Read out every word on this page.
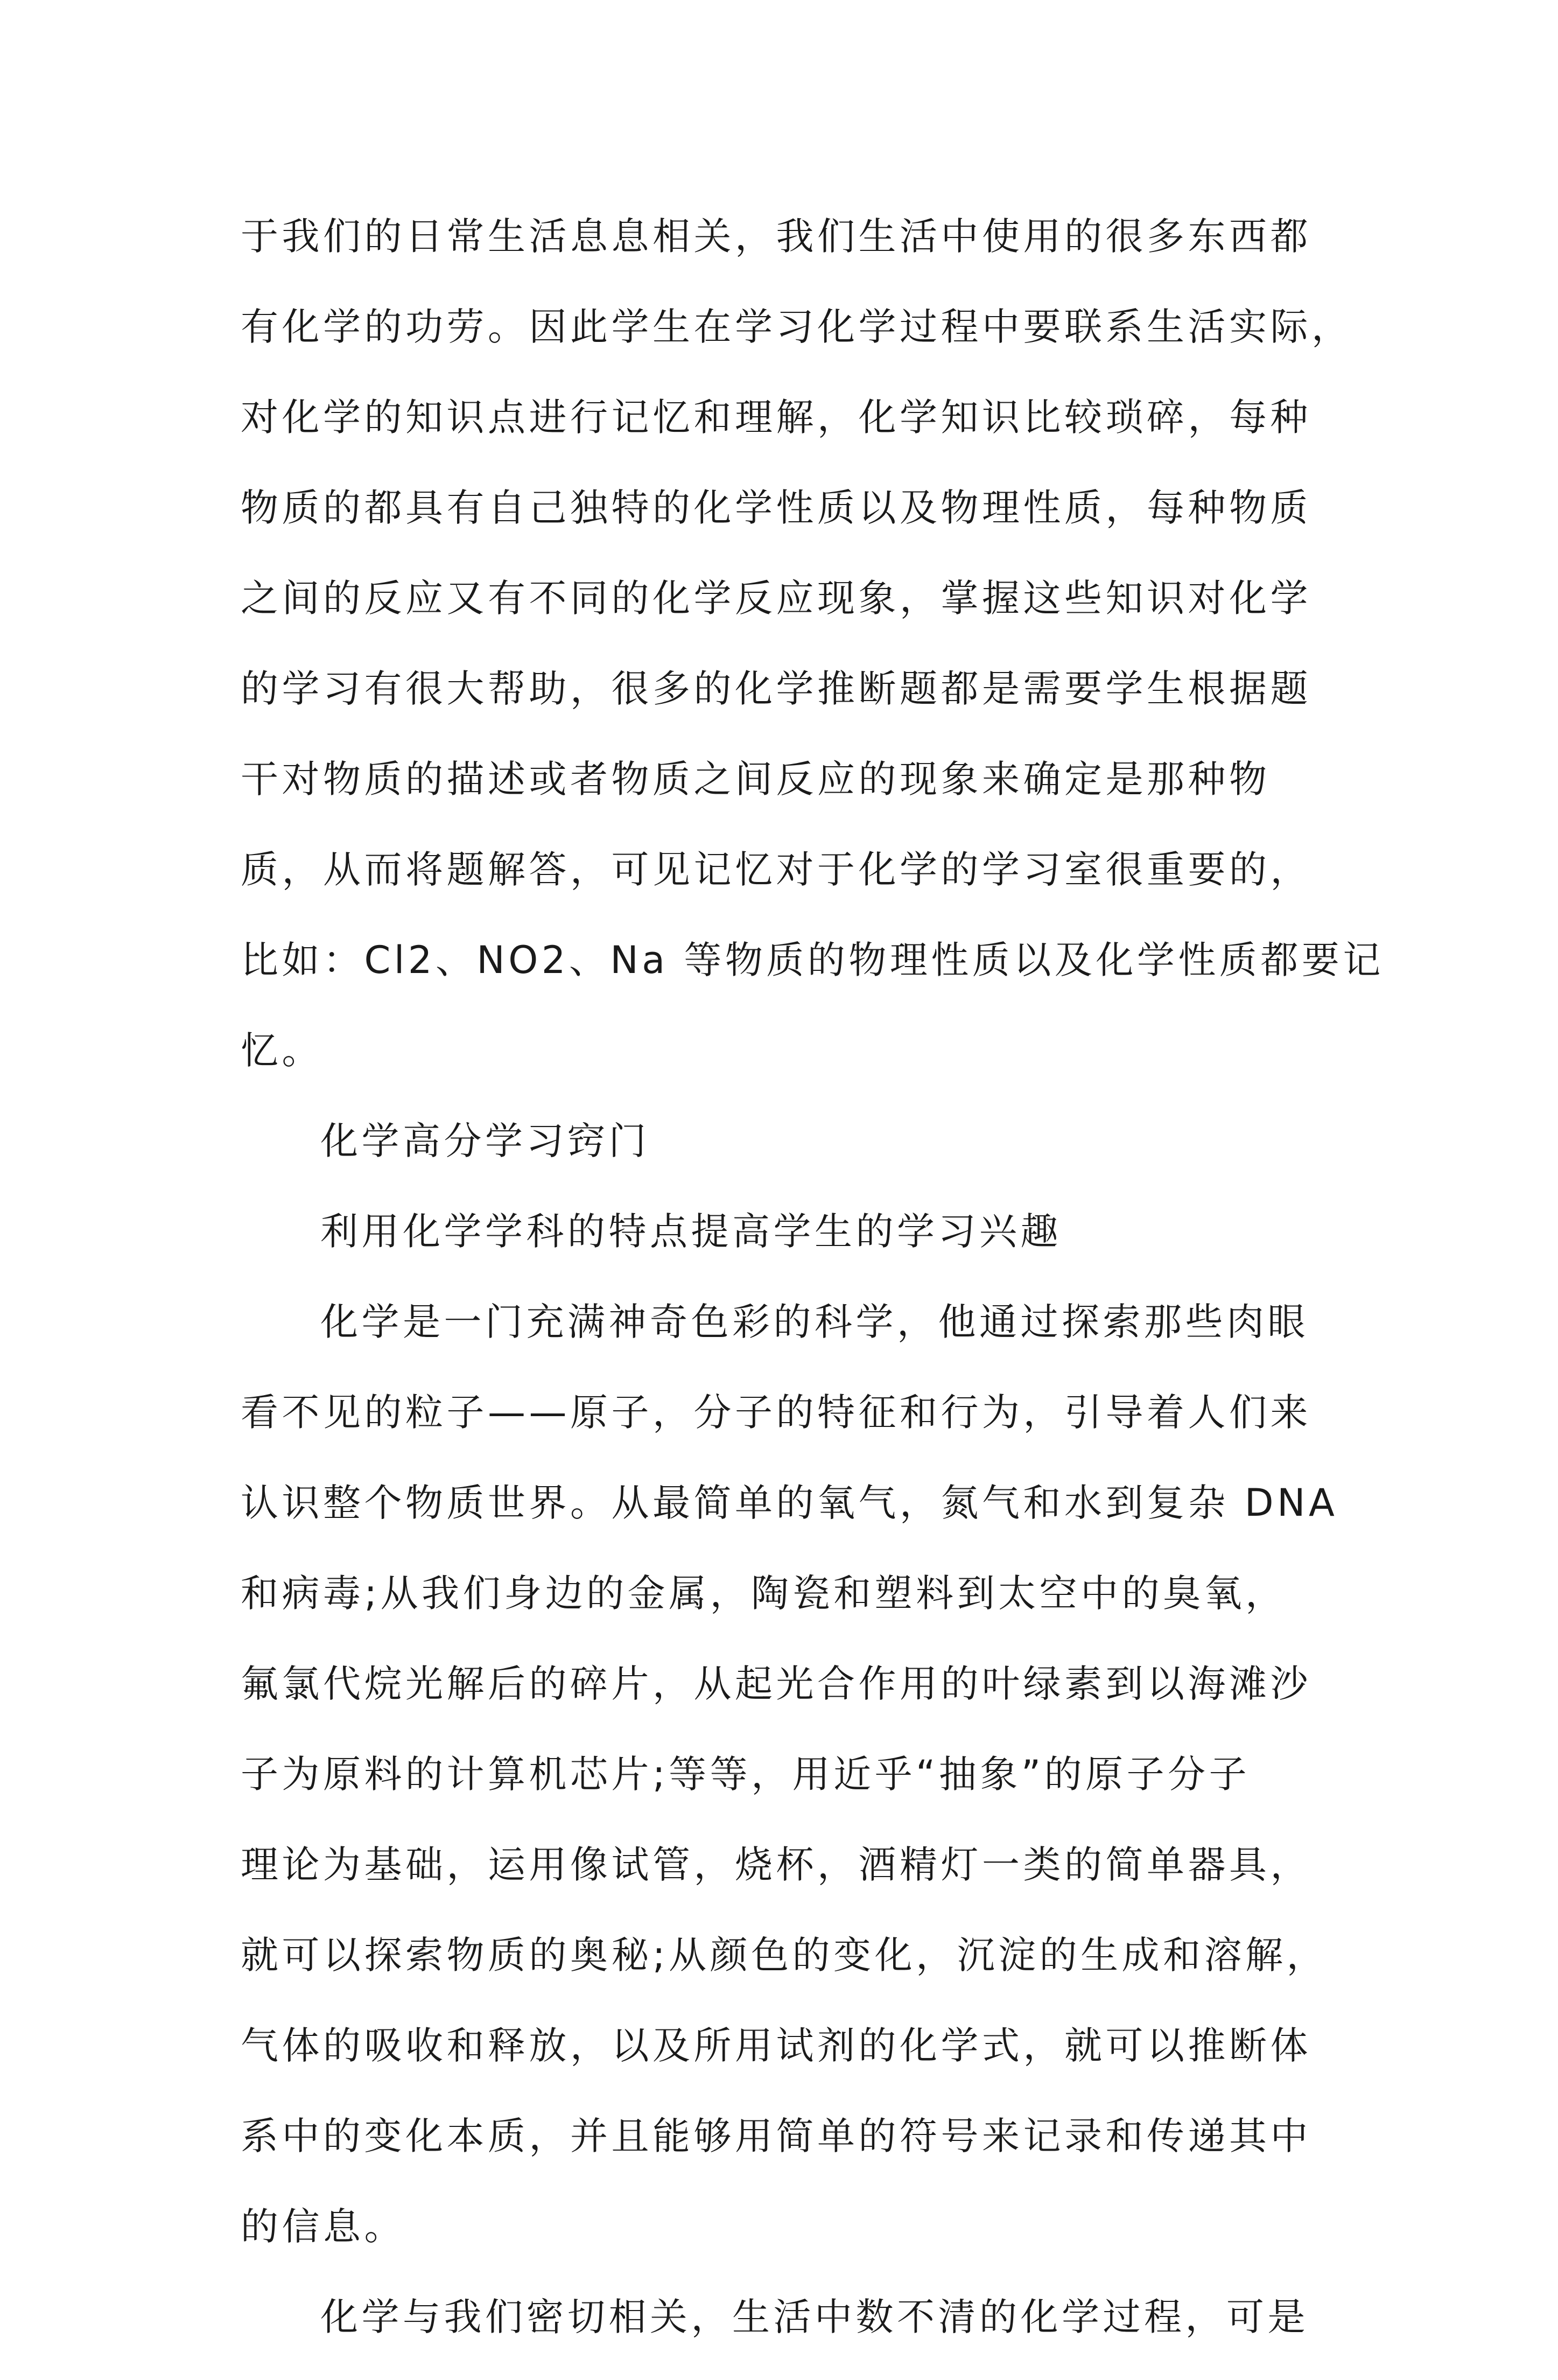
于我们的日常生活息息相关，我们生活中使用的很多东西都
有化学的功劳。因此学生在学习化学过程中要联系生活实际，
对化学的知识点进行记忆和理解，化学知识比较琐碎，每种
物质的都具有自己独特的化学性质以及物理性质，每种物质
之间的反应又有不同的化学反应现象，掌握这些知识对化学
的学习有很大帮助，很多的化学推断题都是需要学生根据题
干对物质的描述或者物质之间反应的现象来确定是那种物
质，从而将题解答，可见记忆对于化学的学习室很重要的，
比如：Cl2、NO2、Na 等物质的物理性质以及化学性质都要记
忆。
化学高分学习窍门
利用化学学科的特点提高学生的学习兴趣
化学是一门充满神奇色彩的科学，他通过探索那些肉眼
看不见的粒子——原子，分子的特征和行为，引导着人们来
认识整个物质世界。从最简单的氧气，氮气和水到复杂 DNA
和病毒;从我们身边的金属，陶瓷和塑料到太空中的臭氧，
氟氯代烷光解后的碎片，从起光合作用的叶绿素到以海滩沙
子为原料的计算机芯片;等等，用近乎“抽象”的原子分子
理论为基础，运用像试管，烧杯，酒精灯一类的简单器具，
就可以探索物质的奥秘;从颜色的变化，沉淀的生成和溶解，
气体的吸收和释放，以及所用试剂的化学式，就可以推断体
系中的变化本质，并且能够用简单的符号来记录和传递其中
的信息。
化学与我们密切相关，生活中数不清的化学过程，可是
